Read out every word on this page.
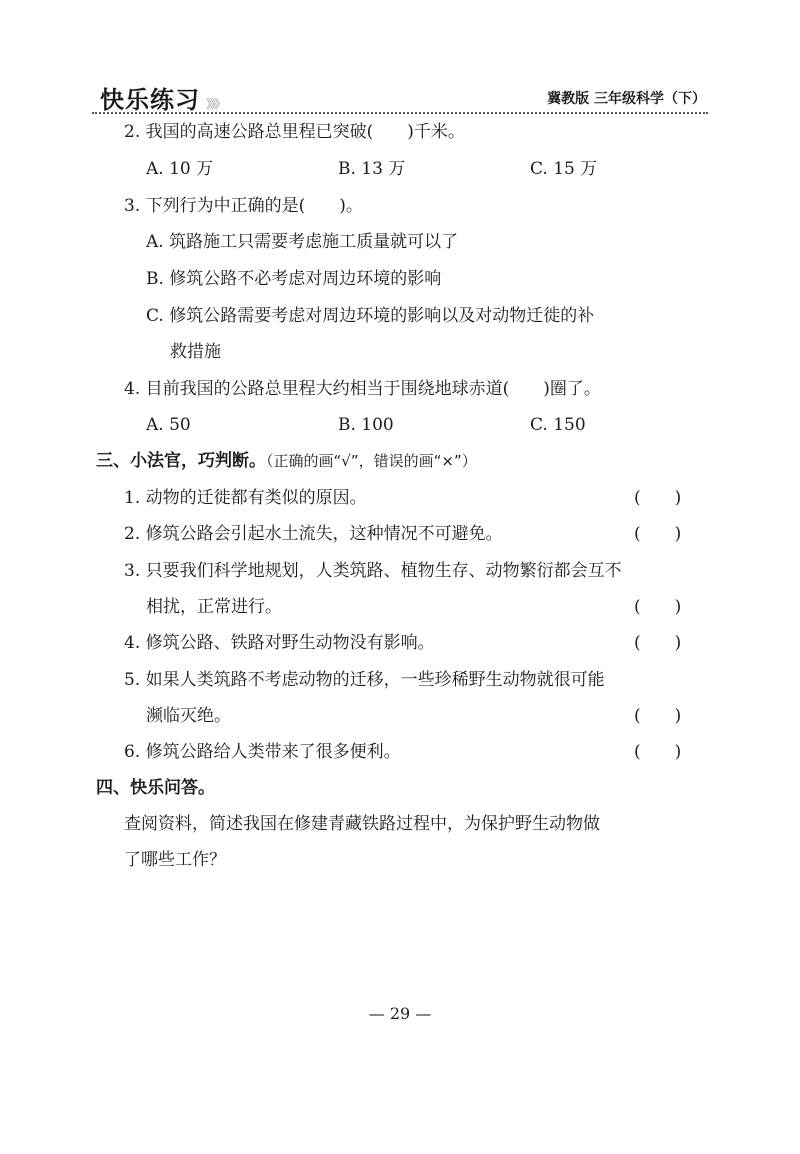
快乐练习 》》》	冀教版 三年级科学（下）
2. 我国的高速公路总里程已突破(　　)千米。
A. 10 万	B. 13 万	C. 15 万
3. 下列行为中正确的是(　　)。
A. 筑路施工只需要考虑施工质量就可以了
B. 修筑公路不必考虑对周边环境的影响
C. 修筑公路需要考虑对周边环境的影响以及对动物迁徙的补
救措施
4. 目前我国的公路总里程大约相当于围绕地球赤道(　　)圈了。
A. 50	B. 100	C. 150
三、小法官，巧判断。（正确的画“√”，错误的画“×”）
1. 动物的迁徙都有类似的原因。	(　　)
2. 修筑公路会引起水土流失，这种情况不可避免。	(　　)
3. 只要我们科学地规划，人类筑路、植物生存、动物繁衍都会互不
相扰，正常进行。	(　　)
4. 修筑公路、铁路对野生动物没有影响。	(　　)
5. 如果人类筑路不考虑动物的迁移，一些珍稀野生动物就很可能
濒临灭绝。	(　　)
6. 修筑公路给人类带来了很多便利。	(　　)
四、快乐问答。
查阅资料，简述我国在修建青藏铁路过程中，为保护野生动物做
了哪些工作？
— 29 —
